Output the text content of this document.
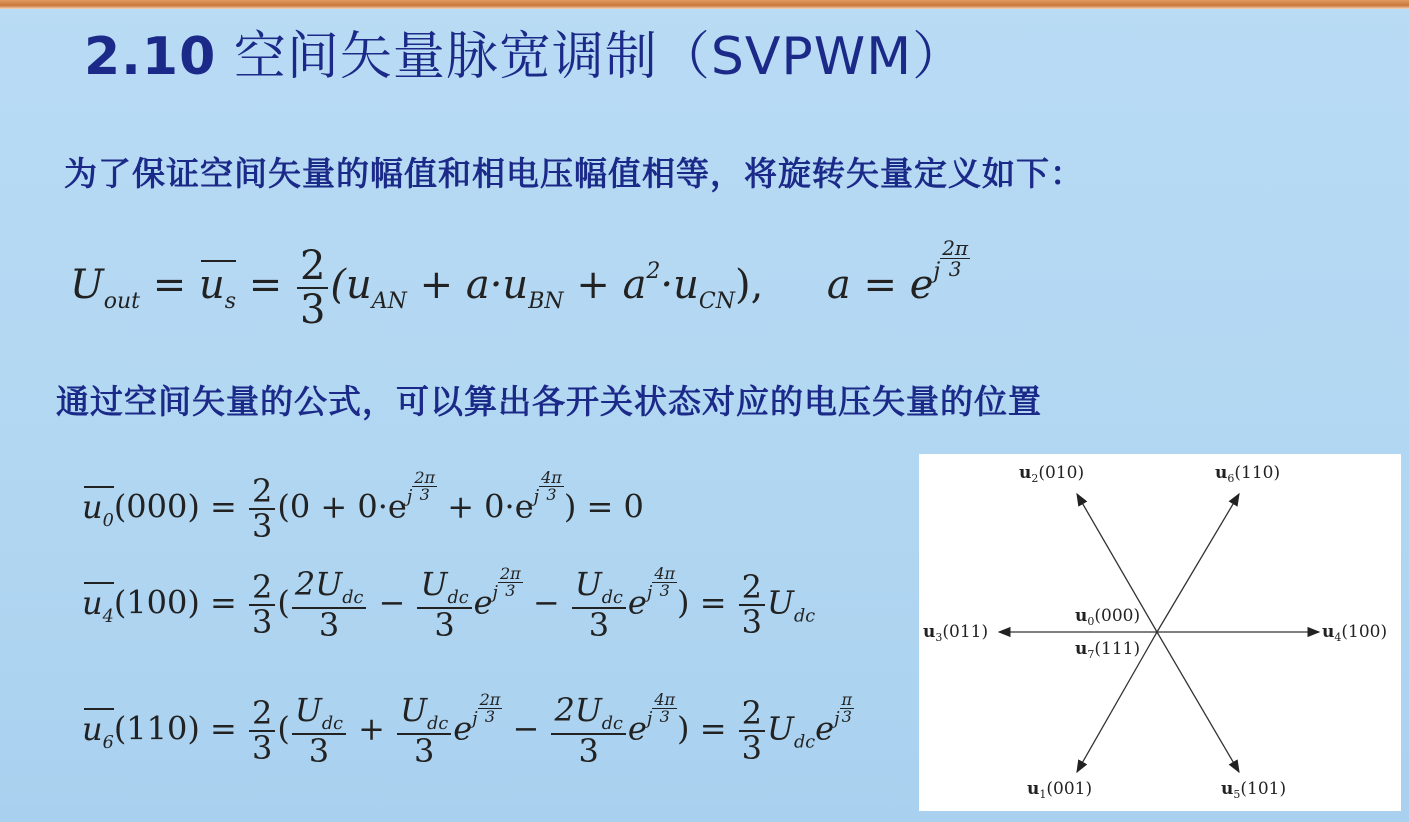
2.10 空间矢量脉宽调制（SVPWM）
为了保证空间矢量的幅值和相电压幅值相等，将旋转矢量定义如下：
$U_{out} = u_s = \frac{2}{3} (u_{AN} + a\cdot u_{BN} + a^2\cdot u_{CN})$, $a = e^j \frac{2\pi}{3}$
通过空间矢量的公式，可以算出各开关状态对应的电压矢量的位置
$u_0(000) = \frac{2}{3} (0 + 0\cdot e^j \frac{2\pi}{3}$
+ $0\cdot e^j \frac{4\pi}{3}$
) = 0
$u_4(100) = \frac{2}{3}$ ( $\frac{2U_{dc}}{3} - \frac{U_{dc}}{3} e^j \frac{2\pi}{3}$
− $\frac{U_{dc}}{3} e^j \frac{4\pi}{3}$
) = $\frac{2}{3} U_{dc}$
$u_6(110) = \frac{2}{3}$ ( $\frac{U_{dc}}{3} + \frac{U_{dc}}{3} e^j \frac{2\pi}{3}$
− $\frac{2U_{dc}}{3} e^j \frac{4\pi}{3}$
) = $\frac{2}{3} U_{dc}e^j \frac{\pi}{3}$
$u_2(010)$	$u_6(110)$
$u_3(011)$	$u_4(100)$
$u_0(000)$
$u_7(111)$
$u_1(001)$	$u_5(101)$
